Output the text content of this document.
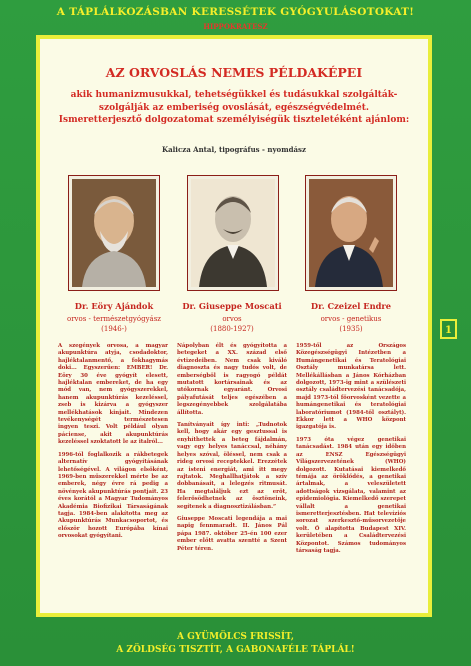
A TÁPLÁLKOZÁSBAN KERESSÉTEK GYÓGYULÁSOTOKAT!
HIPPOKRATESZ
AZ ORVOSLÁS NEMES PÉLDAKÉPEI
akik humanizmusukkal, tehetségükkel és tudásukkal szolgálták-szolgálják az emberiség ovoslását, egészségvédelmét. Ismeretterjesztő dolgozatomat személyiségük tiszteletéként ajánlom:
Kalicza Antal, tipográfus - nyomdász
Dr. Eöry Ajándok
orvos - természetgyógyász
(1946-)
Dr. Giuseppe Moscati
orvos
(1880-1927)
Dr. Czeizel Endre
orvos - genetikus
(1935)

A szegények orvosa, a magyar akupunktúra atyja, csodadoktor, hajléktalanmentő, a fokhagymás doki... Egyszerűen: EMBER! Dr. Eöry 30 éve gyógyít elesett, hajléktalan embereket, de ha egy mód van, nem gyógyszerekkel, hanem akupunktúrás kezeléssel, zseb is kizárva a gyógyszer mellékhatások kinjait. Mindezen tevékenységét természetesen ingyen teszi. Volt például olyan páciense, akit akupunktúrás kezeléssel szoktatott le az italról...

1996-tól foglalkozik a rákbetegek alternatív gyógyításának lehetőségével. A világon elsőként, 1969-ben műszerekkel mérte be az emberek, négy évre rá pedig a növények akupunktúrás pontjait. 23 éves korától a Magyar Tudományos Akadémia Biofizikai Társaságának tagja. 1984-ben alakította meg az Akupunktúrás Munkacsoportot, és először hozott Európába kínai orvosokat gyógyítani.

Nápolyban élt és gyógyította a betegeket a XX. század első évtizedeiben. Nem csak kiváló diagnoszta és nagy tudós volt, de emberségből is ragyogó példát mutatott kortársainak és az utókornak egyaránt. Orvosi pályafutását teljes egészében a legszegényebbek szolgálatába állította.

Tanítványait így inti: „Tudnotok kell, hogy akár egy gesztussal is enyhíthettek a beteg fájdalmán, vagy egy helyes tanáccsal, néhány helyes szóval, öléssel, nem csak a rideg orvosi receptekkel. Erezzétek az isteni energiát, ami itt megy rajtatok. Meghallhatjátok a szív dobbanásait, a lelegzés ritmusát. Ha megtaláljuk ezt az erőt, felerősödhetnek az ösztöneink, segítenek a diagnosztizálásban.”

Giuseppe Moscati legendája a mai napig fennmaradt. II. János Pál pápa 1987. október 25-én 100 ezer ember előtt avatta szentté a Szent Péter téren.

1959-től az Országos Közegészségügyi Intézetben a Humángenetikai és Teratológiai Osztály munkatársa lett. Mellékállásban a János Kórházban dolgozott, 1973-ig mint a szülészeti osztály családtervezési tanácsadója, majd 1973-tól főorvosként vezette a humángenetikai és teratológiai laboratóriumot (1984-től osztályt). Ekkor lett a WHO központ igazgatója is.

1973 óta végez genetikai tanácsadást. 1984 után egy időben az ENSZ Egészségügyi Világszervezetének (WHO) dolgozott. Kutatásai kiemelkedő témája az öröklődés, a genetikai ártalmak, a veleszületett adottságok vizsgálata, valamint az epidemiológia. Kiemelkedő szerepet vállalt a genetikai ismeretterjesztésben. Hat televíziós sorozat szerkesztő-műsorvezetője volt. Ő alapította Budapest XIV. kerületében a Családtervezési Központot. Számos tudományos társaság tagja.

1
A GYÜMÖLCS FRISSÍT,
A ZÖLDSÉG TISZTÍT, A GABONAFÉLE TÁPLÁL!
